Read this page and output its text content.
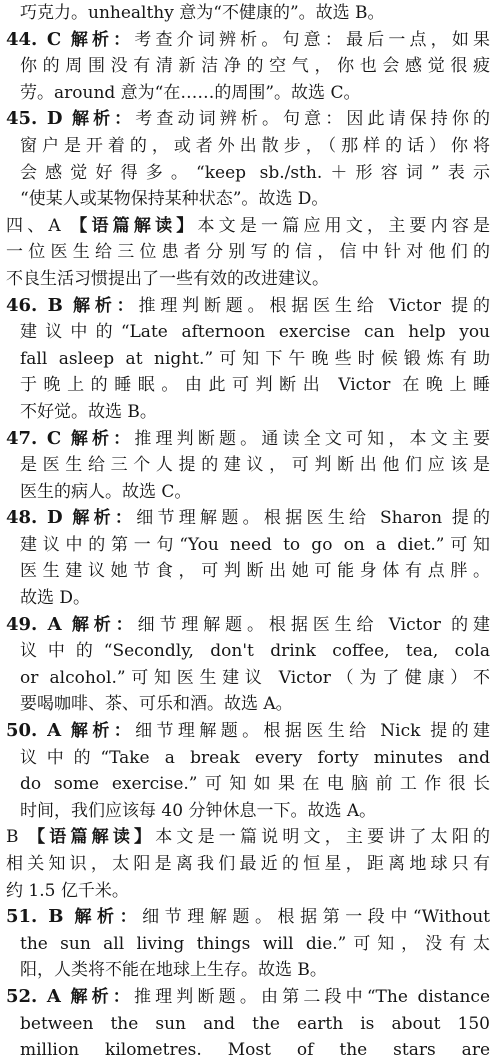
巧克力。unhealthy 意为“不健康的”。故选 B。
44. C 解析：考查介词辨析。句意：最后一点，如果
你的周围没有清新洁净的空气，你也会感觉很疲
劳。around 意为“在……的周围”。故选 C。
45. D 解析：考查动词辨析。句意：因此请保持你的
窗户是开着的，或者外出散步，（那样的话）你将
会感觉好得多。“keep sb./sth.＋形容词”表示
“使某人或某物保持某种状态”。故选 D。
四、A 【语篇解读】本文是一篇应用文，主要内容是
一位医生给三位患者分别写的信，信中针对他们的
不良生活习惯提出了一些有效的改进建议。
46. B 解析：推理判断题。根据医生给 Victor 提的
建议中的“Late afternoon exercise can help you
fall asleep at night.”可知下午晚些时候锻炼有助
于晚上的睡眠。由此可判断出 Victor 在晚上睡
不好觉。故选 B。
47. C 解析：推理判断题。通读全文可知，本文主要
是医生给三个人提的建议，可判断出他们应该是
医生的病人。故选 C。
48. D 解析：细节理解题。根据医生给 Sharon 提的
建议中的第一句“You need to go on a diet.”可知
医生建议她节食，可判断出她可能身体有点胖。
故选 D。
49. A 解析：细节理解题。根据医生给 Victor 的建
议中的“Secondly, don't drink coffee, tea, cola
or alcohol.”可知医生建议 Victor（为了健康）不
要喝咖啡、茶、可乐和酒。故选 A。
50. A 解析：细节理解题。根据医生给 Nick 提的建
议中的“Take a break every forty minutes and
do some exercise.”可知如果在电脑前工作很长
时间，我们应该每 40 分钟休息一下。故选 A。
B 【语篇解读】本文是一篇说明文，主要讲了太阳的
相关知识，太阳是离我们最近的恒星，距离地球只有
约 1.5 亿千米。
51. B 解析：细节理解题。根据第一段中“Without
the sun all living things will die.”可知，没有太
阳，人类将不能在地球上生存。故选 B。
52. A 解析：推理判断题。由第二段中“The distance
between the sun and the earth is about 150
million kilometres. Most of the stars are
